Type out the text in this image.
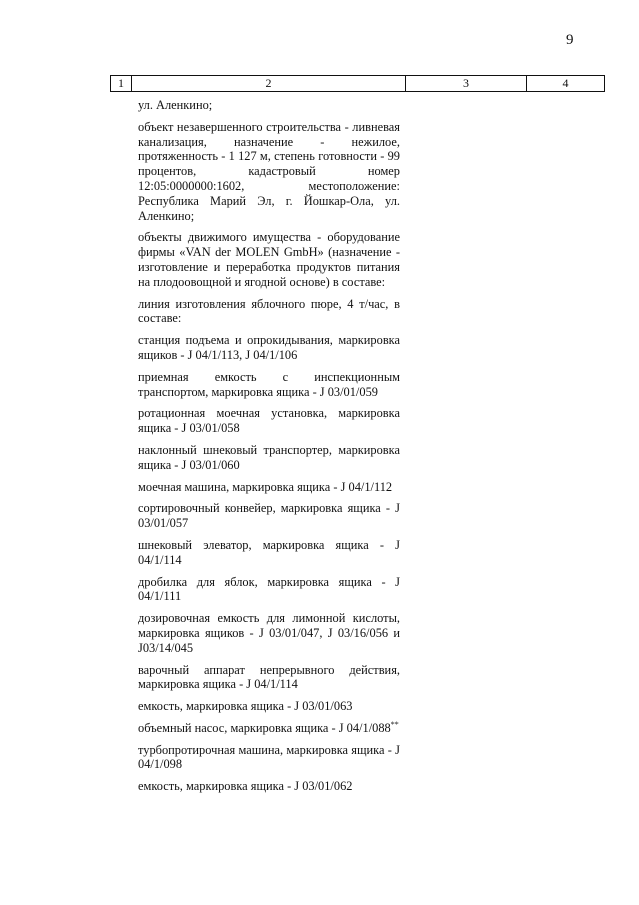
9
1	2	3	4

ул. Аленкино;

объект незавершенного строительства - ливневая канализация, назначение - нежилое, протяженность - 1 127 м, степень готовности - 99 процентов, кадастровый номер 12:05:0000000:1602, местоположение: Республика Марий Эл, г. Йошкар-Ола, ул. Аленкино;

объекты движимого имущества - оборудование фирмы «VAN der MOLEN GmbH» (назначение - изготовление и переработка продуктов питания на плодоовощной и ягодной основе) в составе:

линия изготовления яблочного пюре, 4 т/час, в составе:

станция подъема и опрокидывания, маркировка ящиков - J 04/1/113, J 04/1/106

приемная емкость с инспекционным транспортом, маркировка ящика - J 03/01/059

ротационная моечная установка, маркировка ящика - J 03/01/058

наклонный шнековый транспортер, маркировка ящика - J 03/01/060

моечная машина, маркировка ящика - J 04/1/112

сортировочный конвейер, маркировка ящика - J 03/01/057

шнековый элеватор, маркировка ящика - J 04/1/114

дробилка для яблок, маркировка ящика - J 04/1/111

дозировочная емкость для лимонной кислоты, маркировка ящиков - J 03/01/047, J 03/16/056 и J03/14/045

варочный аппарат непрерывного действия, маркировка ящика - J 04/1/114

емкость, маркировка ящика - J 03/01/063

объемный насос, маркировка ящика - J 04/1/088**

турбопротирочная машина, маркировка ящика - J 04/1/098

емкость, маркировка ящика - J 03/01/062
